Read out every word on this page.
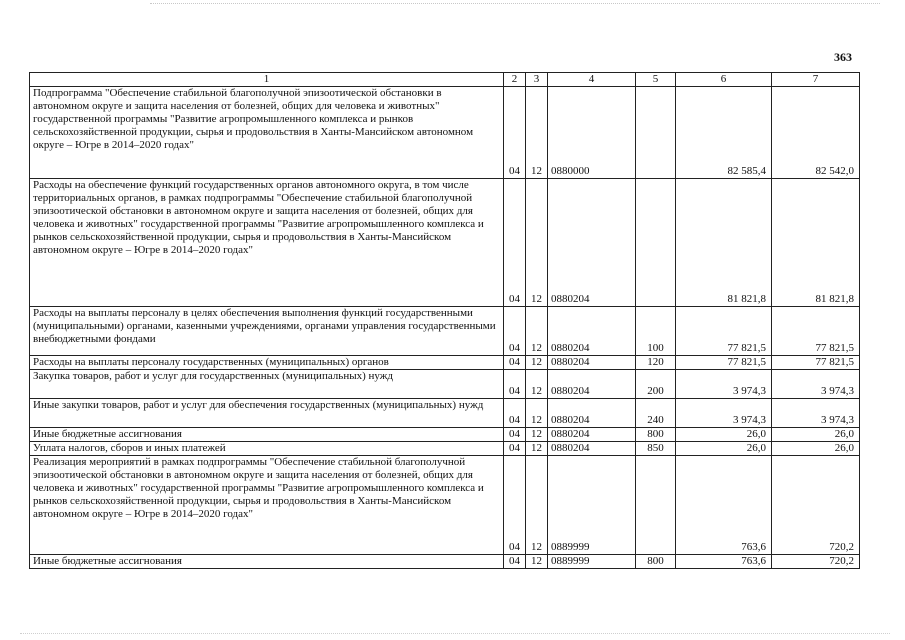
363
1	2	3	4	5	6	7
Подпрограмма "Обеспечение стабильной благополучной эпизоотической обстановки в автономном округе и защита населения от болезней, общих для человека и животных" государственной программы "Развитие агропромышленного комплекса и рынков сельскохозяйственной продукции, сырья и продовольствия в Ханты-Мансийском автономном округе – Югре в 2014–2020 годах"	04	12	0880000		82 585,4	82 542,0
Расходы на обеспечение функций государственных органов автономного округа, в том числе территориальных органов, в рамках подпрограммы "Обеспечение стабильной благополучной эпизоотической обстановки в автономном округе и защита населения от болезней, общих для человека и животных" государственной программы "Развитие агропромышленного комплекса и рынков сельскохозяйственной продукции, сырья и продовольствия в Ханты-Мансийском автономном округе – Югре в 2014–2020 годах"	04	12	0880204		81 821,8	81 821,8
Расходы на выплаты персоналу в целях обеспечения выполнения функций государственными (муниципальными) органами, казенными учреждениями, органами управления государственными внебюджетными фондами	04	12	0880204	100	77 821,5	77 821,5
Расходы на выплаты персоналу государственных (муниципальных) органов	04	12	0880204	120	77 821,5	77 821,5
Закупка товаров, работ и услуг для государственных (муниципальных) нужд	04	12	0880204	200	3 974,3	3 974,3
Иные закупки товаров, работ и услуг для обеспечения государственных (муниципальных) нужд	04	12	0880204	240	3 974,3	3 974,3
Иные бюджетные ассигнования	04	12	0880204	800	26,0	26,0
Уплата налогов, сборов и иных платежей	04	12	0880204	850	26,0	26,0
Реализация мероприятий в рамках подпрограммы "Обеспечение стабильной благополучной эпизоотической обстановки в автономном округе и защита населения от болезней, общих для человека и животных" государственной программы "Развитие агропромышленного комплекса и рынков сельскохозяйственной продукции, сырья и продовольствия в Ханты-Мансийском автономном округе – Югре в 2014–2020 годах"	04	12	0889999		763,6	720,2
Иные бюджетные ассигнования	04	12	0889999	800	763,6	720,2
